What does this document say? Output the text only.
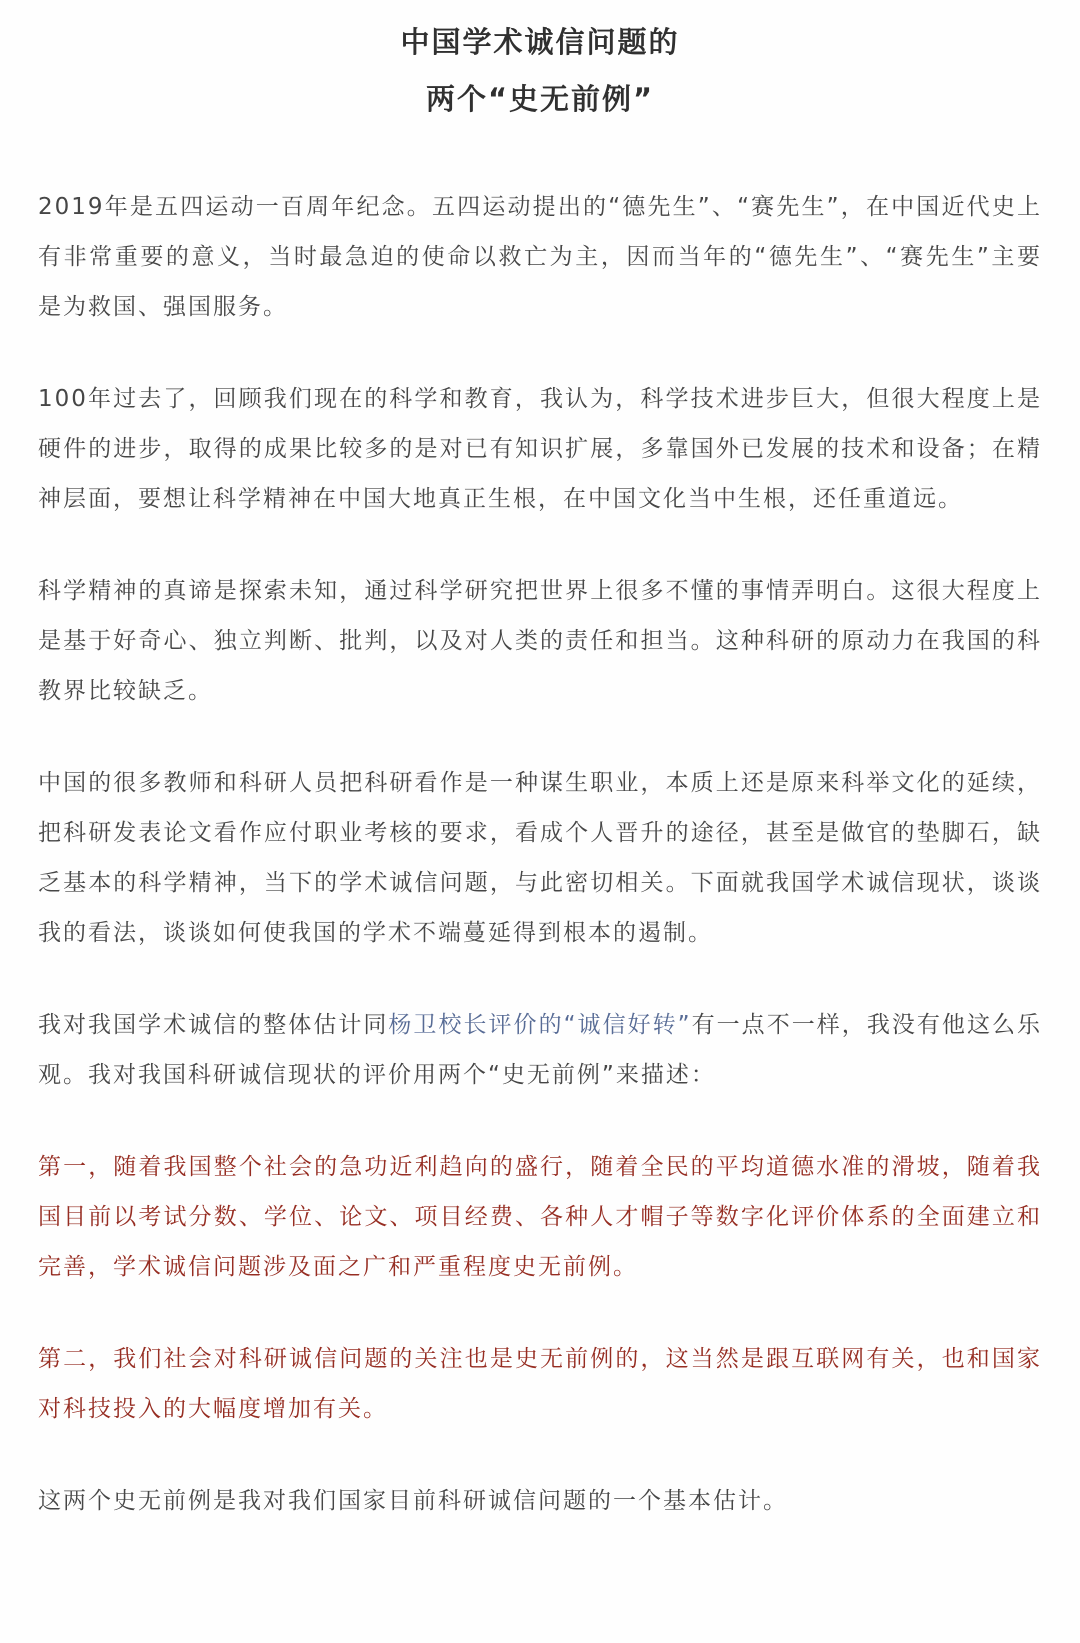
中国学术诚信问题的
两个“史无前例”

2019年是五四运动一百周年纪念。五四运动提出的“德先生”、“赛先生”，在中国近代史上有非常重要的意义，当时最急迫的使命以救亡为主，因而当年的“德先生”、“赛先生”主要是为救国、强国服务。

100年过去了，回顾我们现在的科学和教育，我认为，科学技术进步巨大，但很大程度上是硬件的进步，取得的成果比较多的是对已有知识扩展，多靠国外已发展的技术和设备；在精神层面，要想让科学精神在中国大地真正生根，在中国文化当中生根，还任重道远。

科学精神的真谛是探索未知，通过科学研究把世界上很多不懂的事情弄明白。这很大程度上是基于好奇心、独立判断、批判，以及对人类的责任和担当。这种科研的原动力在我国的科教界比较缺乏。

中国的很多教师和科研人员把科研看作是一种谋生职业，本质上还是原来科举文化的延续，把科研发表论文看作应付职业考核的要求，看成个人晋升的途径，甚至是做官的垫脚石，缺乏基本的科学精神，当下的学术诚信问题，与此密切相关。下面就我国学术诚信现状，谈谈我的看法，谈谈如何使我国的学术不端蔓延得到根本的遏制。

我对我国学术诚信的整体估计同杨卫校长评价的“诚信好转”有一点不一样，我没有他这么乐观。我对我国科研诚信现状的评价用两个“史无前例”来描述：

第一，随着我国整个社会的急功近利趋向的盛行，随着全民的平均道德水准的滑坡，随着我国目前以考试分数、学位、论文、项目经费、各种人才帽子等数字化评价体系的全面建立和完善，学术诚信问题涉及面之广和严重程度史无前例。

第二，我们社会对科研诚信问题的关注也是史无前例的，这当然是跟互联网有关，也和国家对科技投入的大幅度增加有关。

这两个史无前例是我对我们国家目前科研诚信问题的一个基本估计。
